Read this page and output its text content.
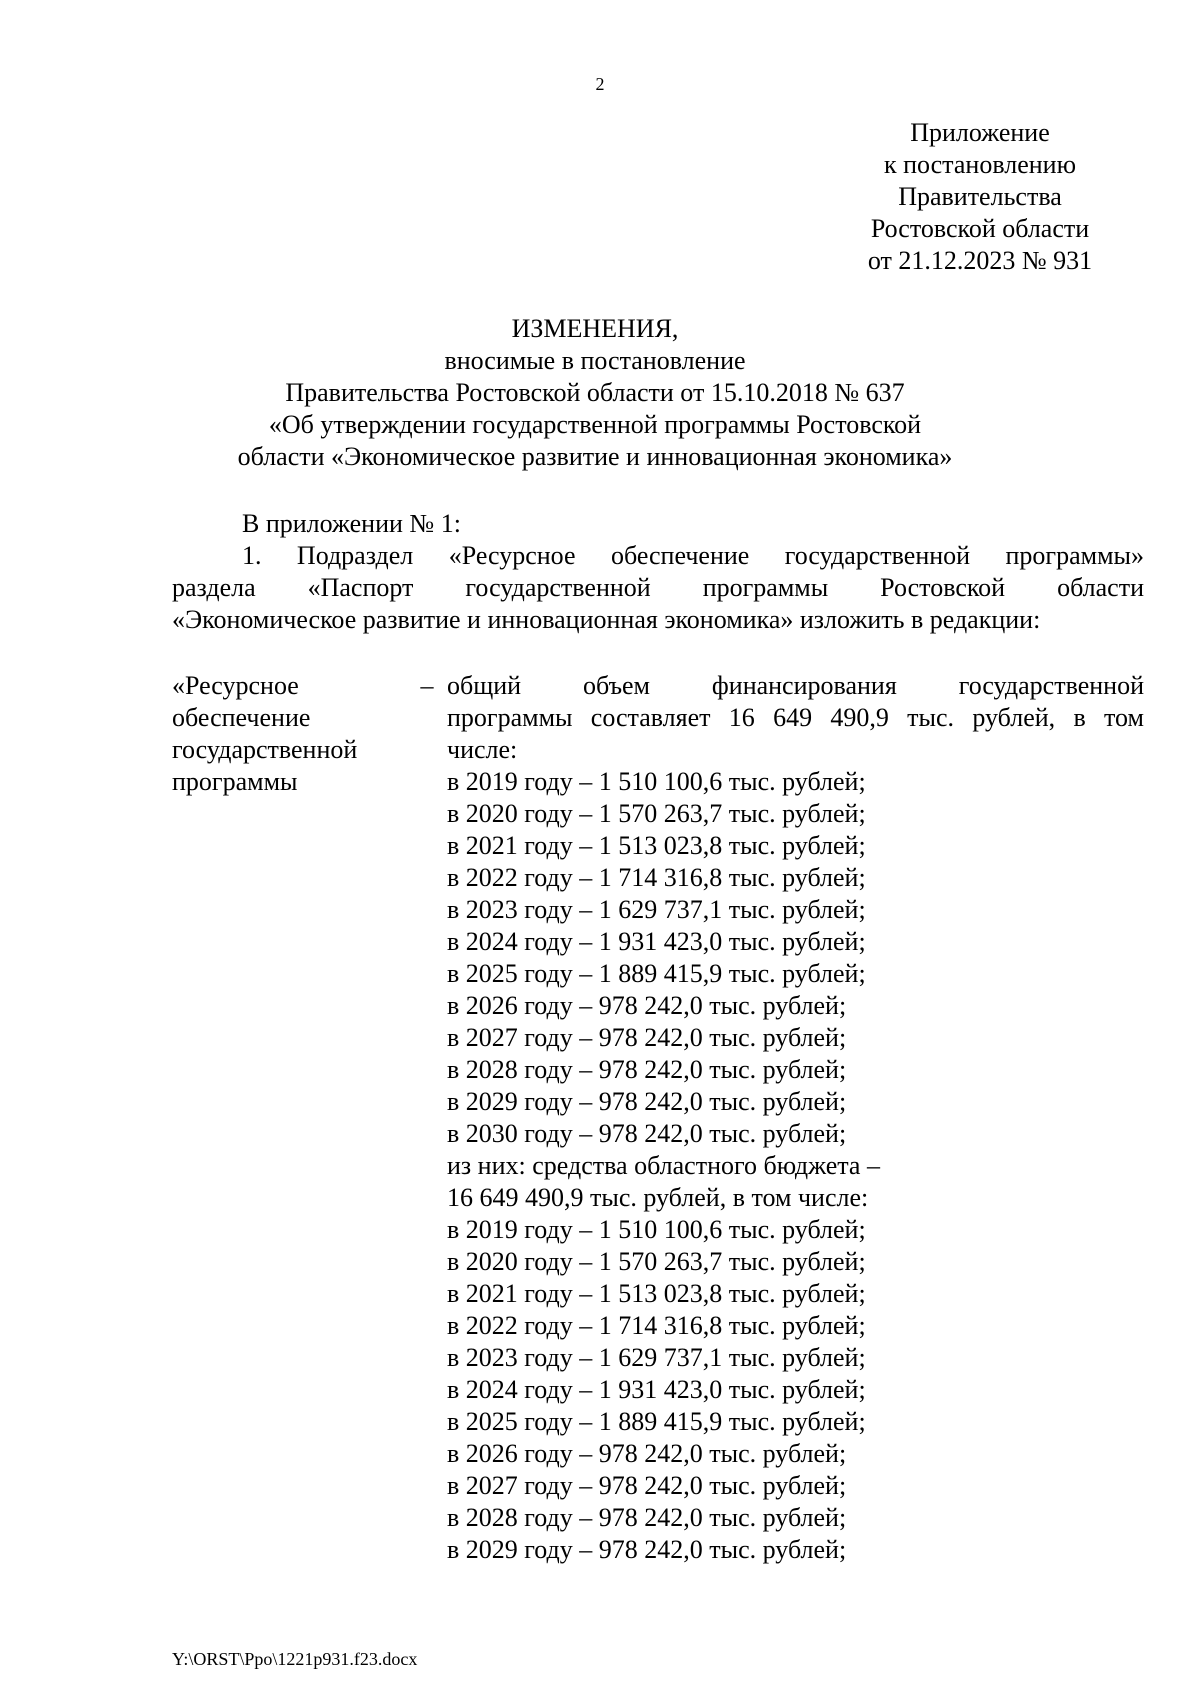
2
Приложение
к постановлению
Правительства
Ростовской области
от 21.12.2023 № 931
ИЗМЕНЕНИЯ,
вносимые в постановление
Правительства Ростовской области от 15.10.2018 № 637
«Об утверждении государственной программы Ростовской
области «Экономическое развитие и инновационная экономика»
В приложении № 1:
1. Подраздел «Ресурсное обеспечение государственной программы»
раздела «Паспорт государственной программы Ростовской области
«Экономическое развитие и инновационная экономика» изложить в редакции:
«Ресурсное
обеспечение
государственной
программы
– общий объем финансирования государственной
программы составляет 16 649 490,9 тыс. рублей, в том
числе:
в 2019 году – 1 510 100,6 тыс. рублей;
в 2020 году – 1 570 263,7 тыс. рублей;
в 2021 году – 1 513 023,8 тыс. рублей;
в 2022 году – 1 714 316,8 тыс. рублей;
в 2023 году – 1 629 737,1 тыс. рублей;
в 2024 году – 1 931 423,0 тыс. рублей;
в 2025 году – 1 889 415,9 тыс. рублей;
в 2026 году – 978 242,0 тыс. рублей;
в 2027 году – 978 242,0 тыс. рублей;
в 2028 году – 978 242,0 тыс. рублей;
в 2029 году – 978 242,0 тыс. рублей;
в 2030 году – 978 242,0 тыс. рублей;
из них: средства областного бюджета –
16 649 490,9 тыс. рублей, в том числе:
в 2019 году – 1 510 100,6 тыс. рублей;
в 2020 году – 1 570 263,7 тыс. рублей;
в 2021 году – 1 513 023,8 тыс. рублей;
в 2022 году – 1 714 316,8 тыс. рублей;
в 2023 году – 1 629 737,1 тыс. рублей;
в 2024 году – 1 931 423,0 тыс. рублей;
в 2025 году – 1 889 415,9 тыс. рублей;
в 2026 году – 978 242,0 тыс. рублей;
в 2027 году – 978 242,0 тыс. рублей;
в 2028 году – 978 242,0 тыс. рублей;
в 2029 году – 978 242,0 тыс. рублей;
Y:\ORST\Ppo\1221p931.f23.docx
